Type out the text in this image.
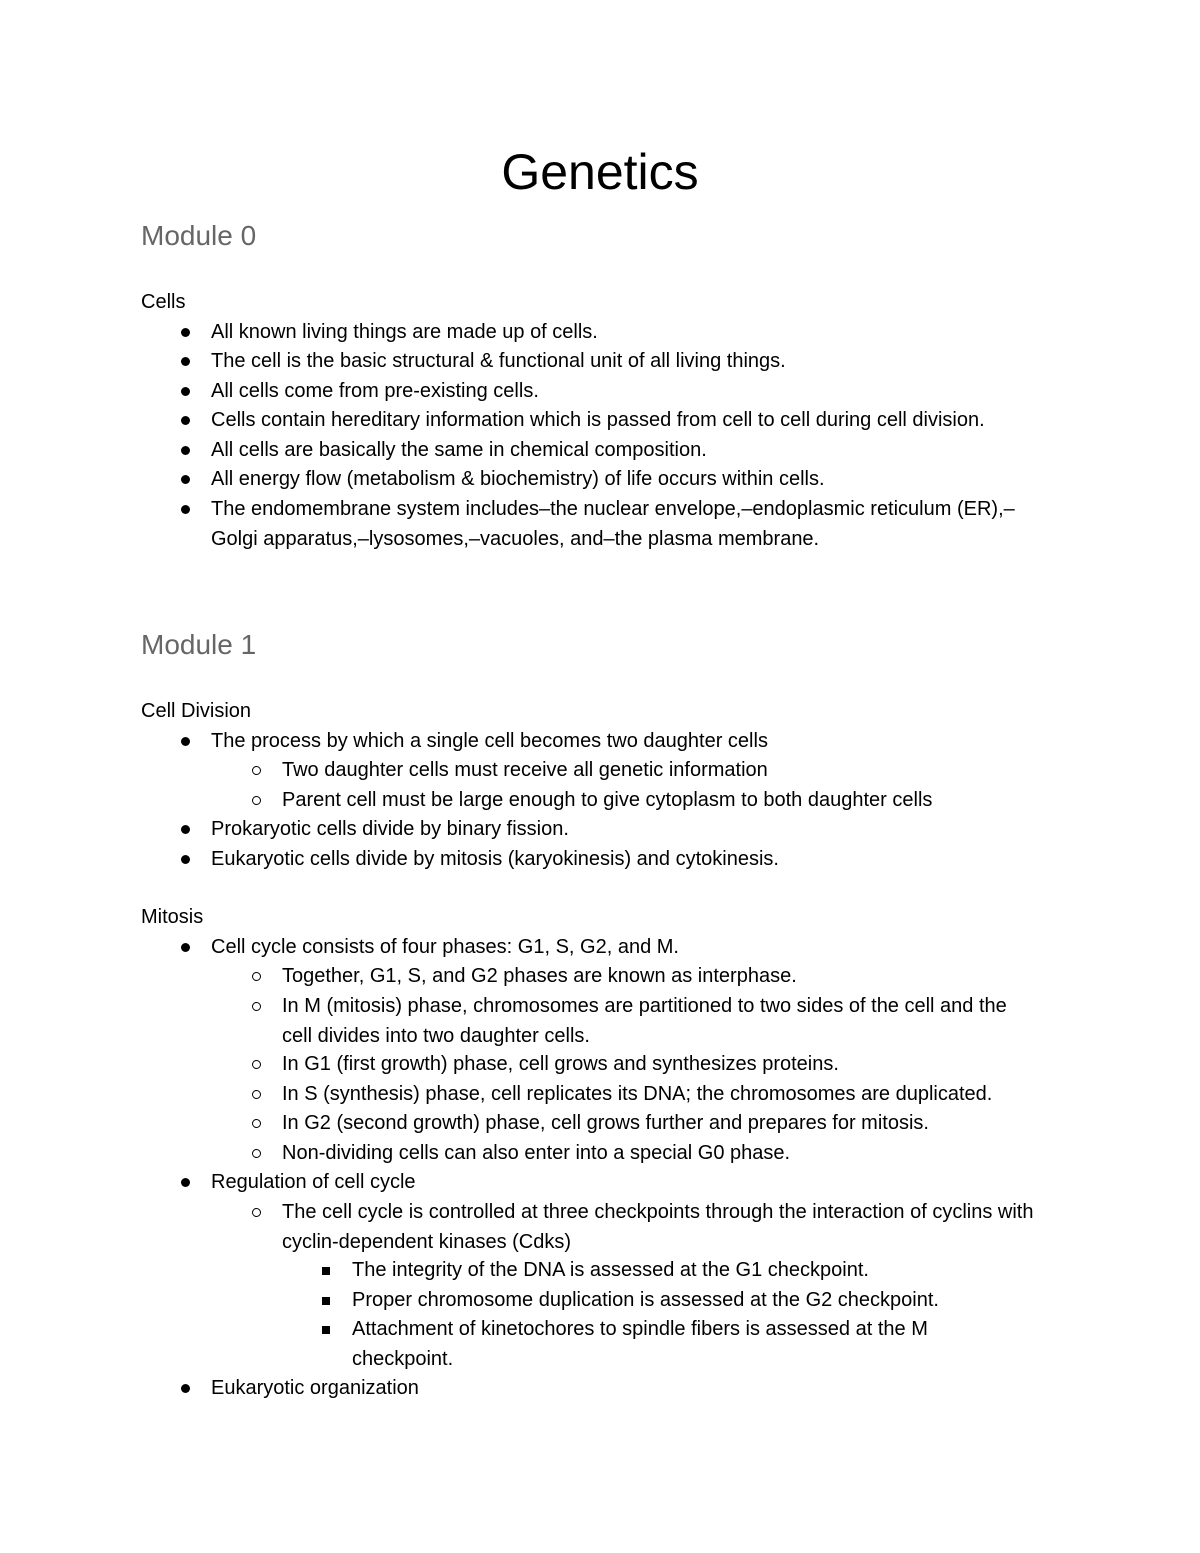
Genetics
Module 0

Cells

All known living things are made up of cells.
The cell is the basic structural & functional unit of all living things.
All cells come from pre-existing cells.
Cells contain hereditary information which is passed from cell to cell during cell division.
All cells are basically the same in chemical composition.
All energy flow (metabolism & biochemistry) of life occurs within cells.
The endomembrane system includes–the nuclear envelope,–endoplasmic reticulum (ER),–Golgi apparatus,–lysosomes,–vacuoles, and–the plasma membrane.
Module 1

Cell Division

The process by which a single cell becomes two daughter cells
Two daughter cells must receive all genetic information
Parent cell must be large enough to give cytoplasm to both daughter cells
Prokaryotic cells divide by binary fission.
Eukaryotic cells divide by mitosis (karyokinesis) and cytokinesis.

Mitosis

Cell cycle consists of four phases: G1, S, G2, and M.
Together, G1, S, and G2 phases are known as interphase.
In M (mitosis) phase, chromosomes are partitioned to two sides of the cell and the cell divides into two daughter cells.
In G1 (first growth) phase, cell grows and synthesizes proteins.
In S (synthesis) phase, cell replicates its DNA; the chromosomes are duplicated.
In G2 (second growth) phase, cell grows further and prepares for mitosis.
Non-dividing cells can also enter into a special G0 phase.
Regulation of cell cycle
The cell cycle is controlled at three checkpoints through the interaction of cyclins with cyclin-dependent kinases (Cdks)
The integrity of the DNA is assessed at the G1 checkpoint.
Proper chromosome duplication is assessed at the G2 checkpoint.
Attachment of kinetochores to spindle fibers is assessed at the M checkpoint.
Eukaryotic organization
